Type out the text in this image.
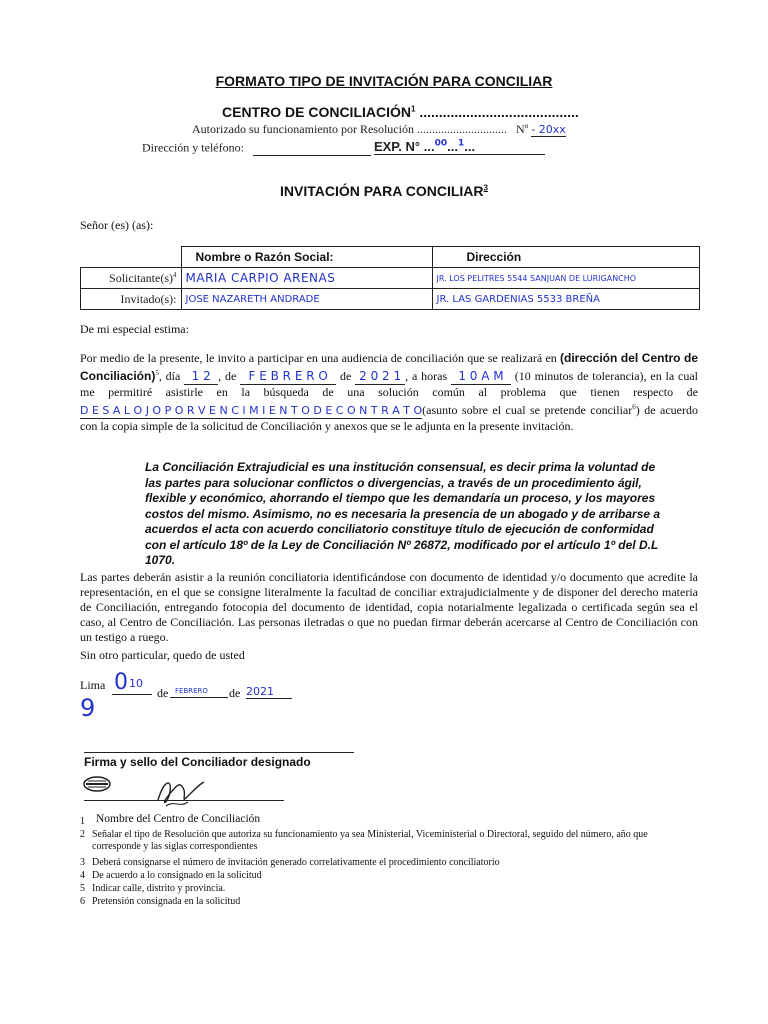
FORMATO TIPO DE INVITACIÓN PARA CONCILIAR
CENTRO DE CONCILIACIÓN$^1$ .........................................
Autorizado su funcionamiento por Resolución .............................. Nº - 20xx
Dirección y teléfono:	EXP. N° ...$^{00}$...$^1$...
INVITACIÓN PARA CONCILIAR$^3$
Señor (es) (as):
	Nombre o Razón Social:	Dirección
$Solicitante(s)^4$	MARIA CARPIO ARENAS	JR. LOS PELITRES 5544 SANJUAN DE LURIGANCHO
Invitado(s):	JOSE NAZARETH ANDRADE	JR. LAS GARDENIAS 5533 BREÑA
De mi especial estima:
Por medio de la presente, le invito a participar en una audiencia de conciliación que se realizará en (dirección del Centro de Conciliación)$^5$, día 1 2 , de F E B R E R O de 2 0 2 1 , a horas 1 0 A M (10 minutos de tolerancia), en la cual me permitiré asistirle en la búsqueda de una solución común al problema que tienen respecto de D E S A L O J O P O R V E N C I M I E N T O D E C O N T R A T O(asunto sobre el cual se pretende conciliar$^6$) de acuerdo con la copia simple de la solicitud de Conciliación y anexos que se le adjunta en la presente invitación.
La Conciliación Extrajudicial es una institución consensual, es decir prima la voluntad de las partes para solucionar conflictos o divergencias, a través de un procedimiento ágil, flexible y económico, ahorrando el tiempo que les demandaría un proceso, y los mayores costos del mismo. Asimismo, no es necesaria la presencia de un abogado y de arribarse a acuerdos el acta con acuerdo conciliatorio constituye título de ejecución de conformidad con el artículo 18º de la Ley de Conciliación Nº 26872, modificado por el artículo 1º del D.L 1070.
Las partes deberán asistir a la reunión conciliatoria identificándose con documento de identidad y/o documento que acredite la representación, en el que se consigne literalmente la facultad de conciliar extrajudicialmente y de disponer del derecho materia de Conciliación, entregando fotocopia del documento de identidad, copia notarialmente legalizada o certificada según sea el caso, al Centro de Conciliación. Las personas iletradas o que no puedan firmar deberán acercarse al Centro de Conciliación con un testigo a ruego.
Sin otro particular, quedo de usted
Lima 0 10
de FEBRERO de 2021
9
Firma y sello del Conciliador designado
Nombre del Centro de Conciliación
1
2 Señalar el tipo de Resolución que autoriza su funcionamiento ya sea Ministerial, Viceministerial o Directoral, seguido del número, año que corresponde y las siglas correspondientes
3 Deberá consignarse el número de invitación generado correlativamente el procedimiento conciliatorio
4 De acuerdo a lo consignado en la solicitud
5 Indicar calle, distrito y provincia.
6 Pretensión consignada en la solicitud
